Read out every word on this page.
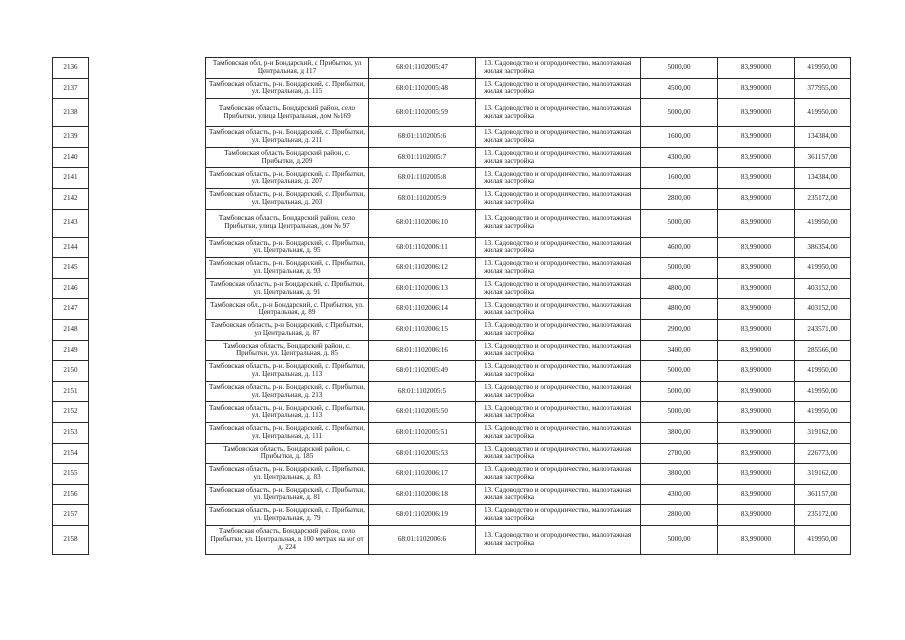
2136		Тамбовская обл, р-н Бондарский, с Прибытки, ул Центральная, д 117	68:01:1102005:47	13. Садоводство и огородничество, малоэтажная жилая застройка	5000,00	83,990000	419950,00
2137		Тамбовская область, р-н. Бондарский, с. Прибытки, ул. Центральная, д. 115	68:01:1102005:48	13. Садоводство и огородничество, малоэтажная жилая застройка	4500,00	83,990000	377955,00
2138		Тамбовская область, Бондарский район, село Прибытки, улица Центральная, дом №169	68:01:1102005:59	13. Садоводство и огородничество, малоэтажная жилая застройка	5000,00	83,990000	419950,00
2139		Тамбовская область, р-н. Бондарский, с. Прибытки, ул. Центральная, д. 211	68:01:1102005:6	13. Садоводство и огородничество, малоэтажная жилая застройка	1600,00	83,990000	134384,00
2140		Тамбовская область Бондарский район, с. Прибытки, д.209	68:01:1102005:7	13. Садоводство и огородничество, малоэтажная жилая застройка	4300,00	83,990000	361157,00
2141		Тамбовская область, р-н. Бондарский, с. Прибытки, ул. Центральная, д. 207	68:01:1102005:8	13. Садоводство и огородничество, малоэтажная жилая застройка	1600,00	83,990000	134384,00
2142		Тамбовская область, р-н. Бондарский, с. Прибытки, ул. Центральная, д. 203	68:01:1102005:9	13. Садоводство и огородничество, малоэтажная жилая застройка	2800,00	83,990000	235172,00
2143		Тамбовская область, Бондарский район, село Прибытки, улица Центральная, дом № 97	68:01:1102006:10	13. Садоводство и огородничество, малоэтажная жилая застройка	5000,00	83,990000	419950,00
2144		Тамбовская область, р-н. Бондарский, с. Прибытки, ул. Центральная, д. 95	68:01:1102006:11	13. Садоводство и огородничество, малоэтажная жилая застройка	4600,00	83,990000	386354,00
2145		Тамбовская область, р-н. Бондарский, с. Прибытки, ул. Центральная, д. 93	68:01:1102006:12	13. Садоводство и огородничество, малоэтажная жилая застройка	5000,00	83,990000	419950,00
2146		Тамбовская область, р-н Бондарский, с. Прибытки, ул. Центральная, д. 91	68:01:1102006:13	13. Садоводство и огородничество, малоэтажная жилая застройка	4800,00	83,990000	403152,00
2147		Тамбовская обл., р-н Бондарский, с. Прибытки, ул. Центральная, д. 89	68:01:1102006:14	13. Садоводство и огородничество, малоэтажная жилая застройка	4800,00	83,990000	403152,00
2148		Тамбовская область, р-н Бондарский, с Прибытки, ул Центральная, д. 87	68:01:1102006:15	13. Садоводство и огородничество, малоэтажная жилая застройка	2900,00	83,990000	243571,00
2149		Тамбовская область, Бондарский район, с. Прибытки, ул. Центральная, д. 85	68:01:1102006:16	13. Садоводство и огородничество, малоэтажная жилая застройка	3400,00	83,990000	285566,00
2150		Тамбовская область, р-н. Бондарский, с. Прибытки, ул. Центральная, д. 113	68:01:1102005:49	13. Садоводство и огородничество, малоэтажная жилая застройка	5000,00	83,990000	419950,00
2151		Тамбовская область, р-н. Бондарский, с. Прибытки, ул. Центральная, д. 213	68:01:1102005:5	13. Садоводство и огородничество, малоэтажная жилая застройка	5000,00	83,990000	419950,00
2152		Тамбовская область, р-н. Бондарский, с. Прибытки, ул. Центральная, д. 113	68:01:1102005:50	13. Садоводство и огородничество, малоэтажная жилая застройка	5000,00	83,990000	419950,00
2153		Тамбовская область, р-н. Бондарский, с. Прибытки, ул. Центральная, д. 111	68:01:1102005:51	13. Садоводство и огородничество, малоэтажная жилая застройка	3800,00	83,990000	319162,00
2154		Тамбовская область, Бондарский район, с. Прибытки, д. 185	68:01:1102005:53	13. Садоводство и огородничество, малоэтажная жилая застройка	2700,00	83,990000	226773,00
2155		Тамбовская область, р-н. Бондарский, с. Прибытки, ул. Центральная, д. 83	68:01:1102006:17	13. Садоводство и огородничество, малоэтажная жилая застройка	3800,00	83,990000	319162,00
2156		Тамбовская область, р-н. Бондарский, с. Прибытки, ул. Центральная, д. 81	68:01:1102006:18	13. Садоводство и огородничество, малоэтажная жилая застройка	4300,00	83,990000	361157,00
2157		Тамбовская область, р-н. Бондарский, с. Прибытки, ул. Центральная, д. 79	68:01:1102006:19	13. Садоводство и огородничество, малоэтажная жилая застройка	2800,00	83,990000	235172,00
2158		Тамбовская область, Бондарский район, село Прибытки, ул. Центральная, в 100 метрах на юг от д. 224	68:01:1102006:6	13. Садоводство и огородничество, малоэтажная жилая застройка	5000,00	83,990000	419950,00
